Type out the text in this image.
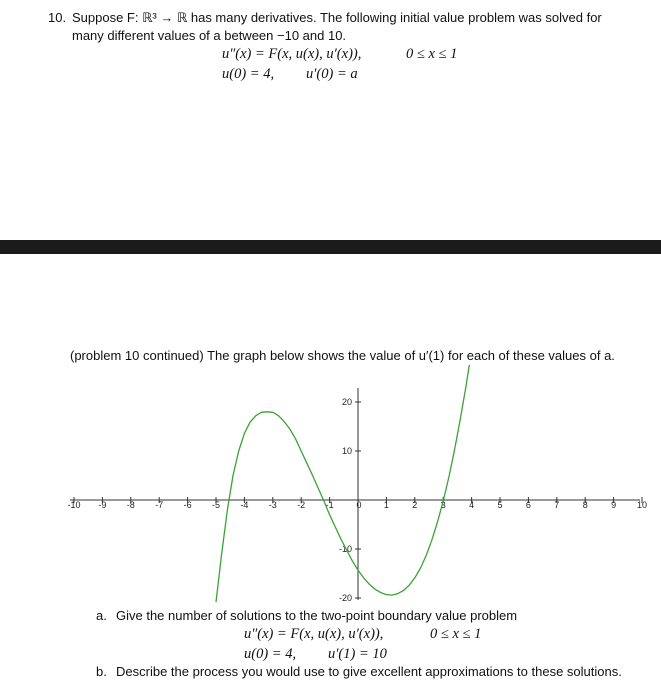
10. Suppose F: ℝ³ → ℝ has many derivatives. The following initial value problem was solved for
many different values of a between −10 and 10.
u″(x) = F(x, u(x), u′(x)),	0 ≤ x ≤ 1
u(0) = 4, u′(0) = a
(problem 10 continued) The graph below shows the value of u′(1) for each of these values of a.
-10 -9 -8 -7 -6 -5 -4 -3 -2 -1	1	2	3	4	5	6	7	8	9 10
0
20
10
-10
-20
a. Give the number of solutions to the two-point boundary value problem
u″(x) = F(x, u(x), u′(x)),	0 ≤ x ≤ 1
u(0) = 4, u′(1) = 10
b. Describe the process you would use to give excellent approximations to these solutions.
